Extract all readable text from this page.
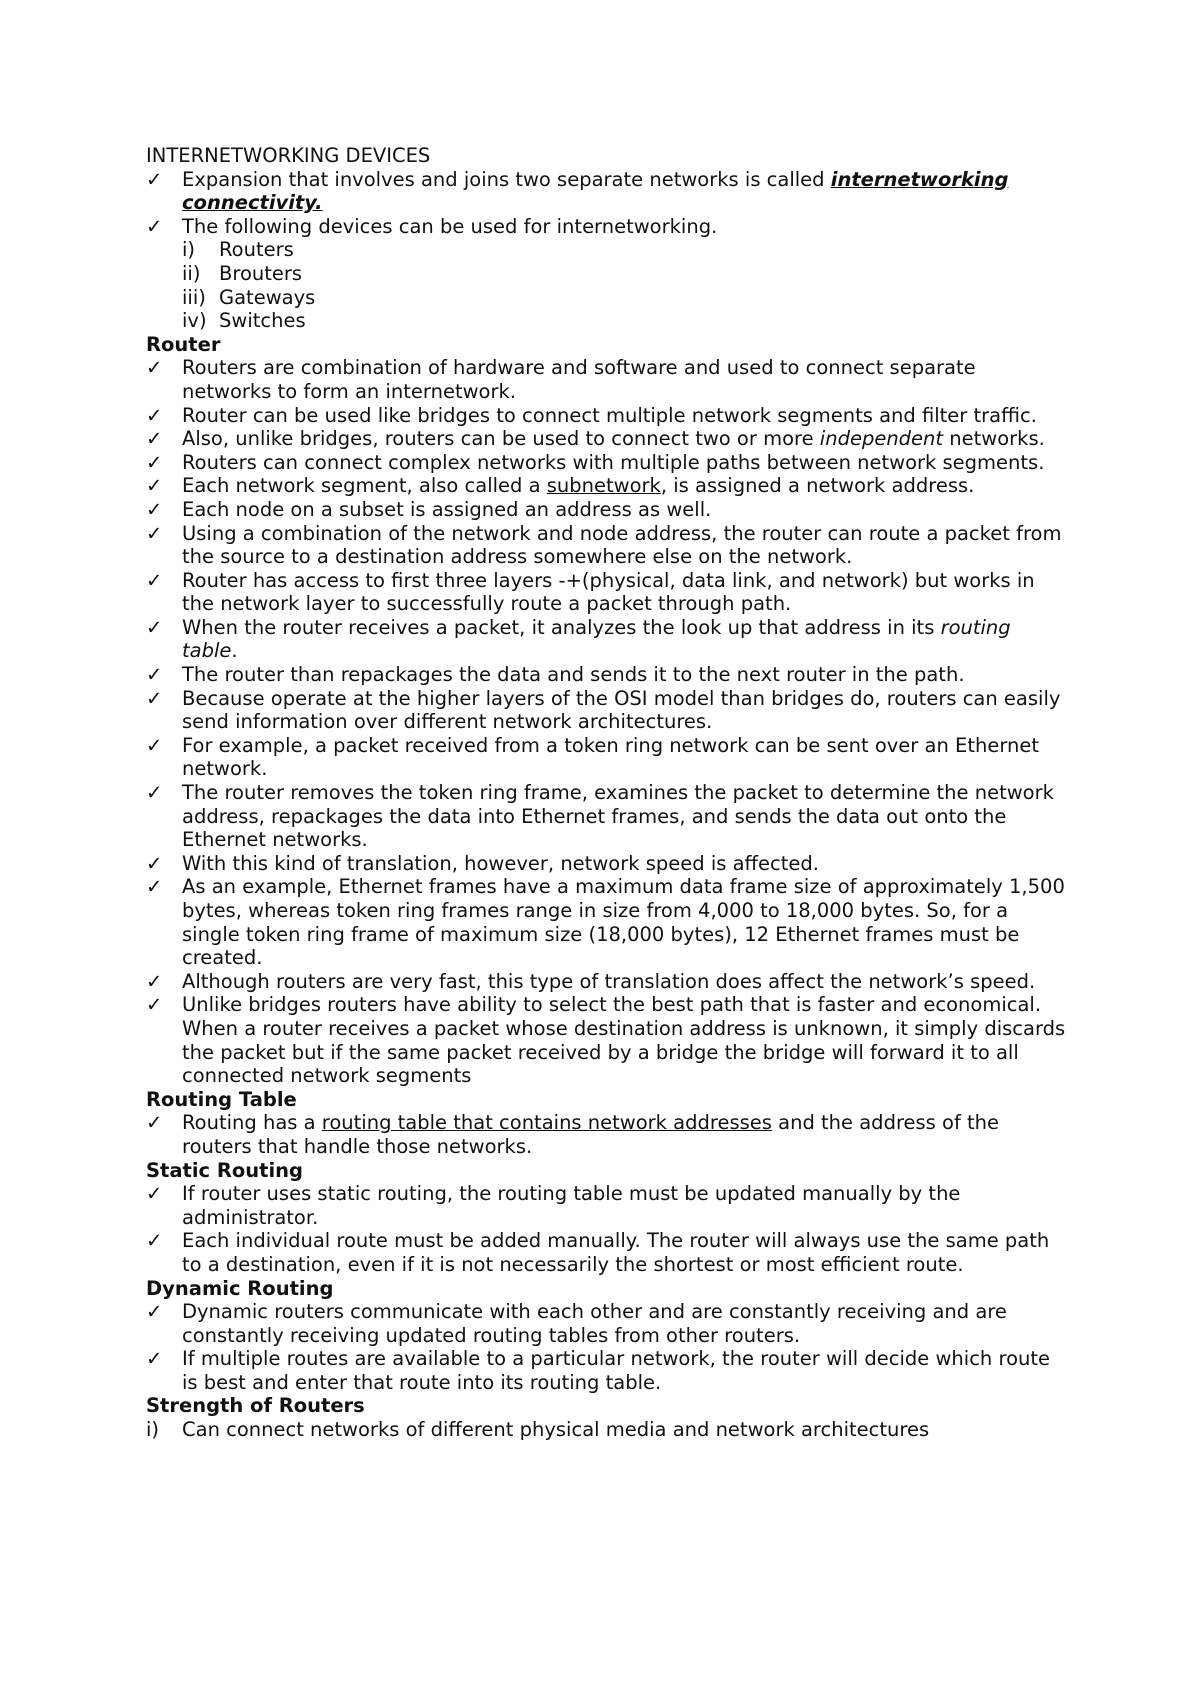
INTERNETWORKING DEVICES
✓	Expansion that involves and joins two separate networks is called internetworking connectivity.
✓	The following devices can be used for internetworking.
i)	Routers
ii) Brouters
iii) Gateways
iv) Switches
Router
✓	Routers are combination of hardware and software and used to connect separate networks to form an internetwork.
✓	Router can be used like bridges to connect multiple network segments and filter traffic.
✓	Also, unlike bridges, routers can be used to connect two or more independent networks.
✓	Routers can connect complex networks with multiple paths between network segments.
✓	Each network segment, also called a subnetwork, is assigned a network address.
✓	Each node on a subset is assigned an address as well.
✓	Using a combination of the network and node address, the router can route a packet from the source to a destination address somewhere else on the network.
✓	Router has access to first three layers -+(physical, data link, and network) but works in the network layer to successfully route a packet through path.
✓	When the router receives a packet, it analyzes the look up that address in its routing table.
✓	The router than repackages the data and sends it to the next router in the path.
✓	Because operate at the higher layers of the OSI model than bridges do, routers can easily send information over different network architectures.
✓	For example, a packet received from a token ring network can be sent over an Ethernet network.
✓	The router removes the token ring frame, examines the packet to determine the network address, repackages the data into Ethernet frames, and sends the data out onto the Ethernet networks.
✓	With this kind of translation, however, network speed is affected.
✓	As an example, Ethernet frames have a maximum data frame size of approximately 1,500 bytes, whereas token ring frames range in size from 4,000 to 18,000 bytes. So, for a single token ring frame of maximum size (18,000 bytes), 12 Ethernet frames must be created.
✓	Although routers are very fast, this type of translation does affect the network’s speed.
✓	Unlike bridges routers have ability to select the best path that is faster and economical. When a router receives a packet whose destination address is unknown, it simply discards the packet but if the same packet received by a bridge the bridge will forward it to all connected network segments
Routing Table
✓	Routing has a routing table that contains network addresses and the address of the routers that handle those networks.
Static Routing
✓	If router uses static routing, the routing table must be updated manually by the administrator.
✓	Each individual route must be added manually. The router will always use the same path to a destination, even if it is not necessarily the shortest or most efficient route.
Dynamic Routing
✓	Dynamic routers communicate with each other and are constantly receiving and are constantly receiving updated routing tables from other routers.
✓	If multiple routes are available to a particular network, the router will decide which route is best and enter that route into its routing table.
Strength of Routers
i)	Can connect networks of different physical media and network architectures
